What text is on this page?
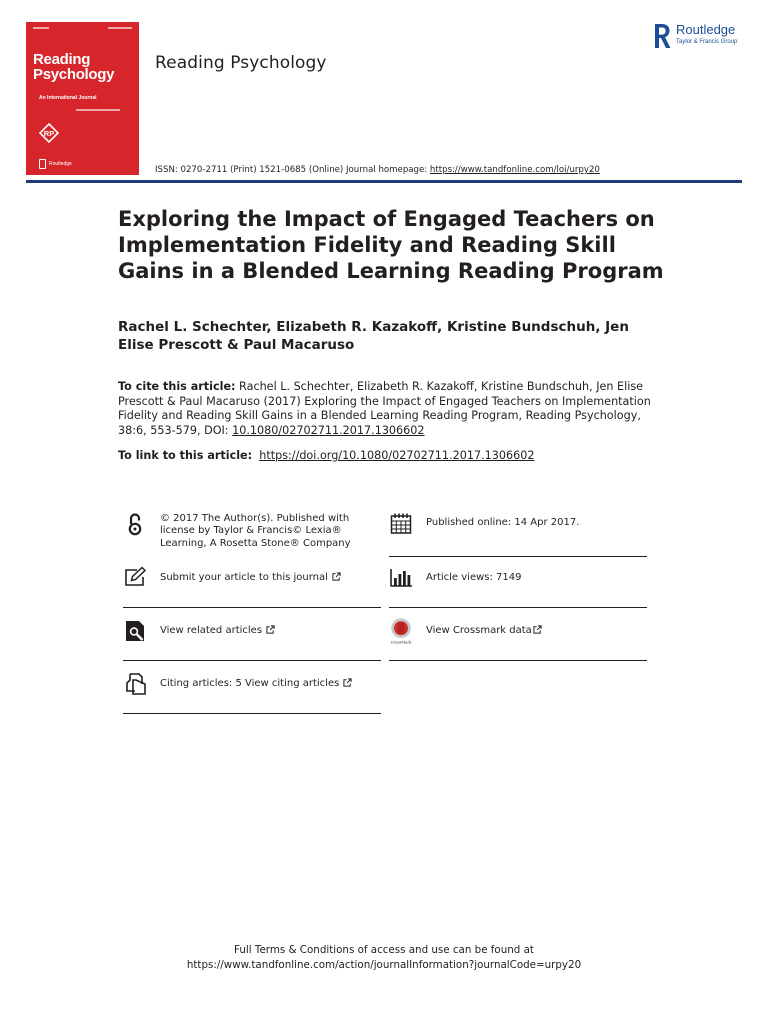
Reading
Psychology
An International Journal
RP
Routledge
Reading Psychology
Routledge
Taylor & Francis Group
ISSN: 0270-2711 (Print) 1521-0685 (Online) Journal homepage: https://www.tandfonline.com/loi/urpy20
Exploring the Impact of Engaged Teachers on Implementation Fidelity and Reading Skill Gains in a Blended Learning Reading Program
Rachel L. Schechter, Elizabeth R. Kazakoff, Kristine Bundschuh, Jen Elise Prescott & Paul Macaruso
To cite this article: Rachel L. Schechter, Elizabeth R. Kazakoff, Kristine Bundschuh, Jen Elise Prescott & Paul Macaruso (2017) Exploring the Impact of Engaged Teachers on Implementation Fidelity and Reading Skill Gains in a Blended Learning Reading Program, Reading Psychology, 38:6, 553-579, DOI: 10.1080/02702711.2017.1306602
To link to this article: https://doi.org/10.1080/02702711.2017.1306602
© 2017 The Author(s). Published with
license by Taylor & Francis© Lexia®
Learning, A Rosetta Stone® Company
Published online: 14 Apr 2017.
Submit your article to this journal	Article views: 7149
View related articles
CrossMark
View Crossmark data
Citing articles: 5 View citing articles
Full Terms & Conditions of access and use can be found at
https://www.tandfonline.com/action/journalInformation?journalCode=urpy20
